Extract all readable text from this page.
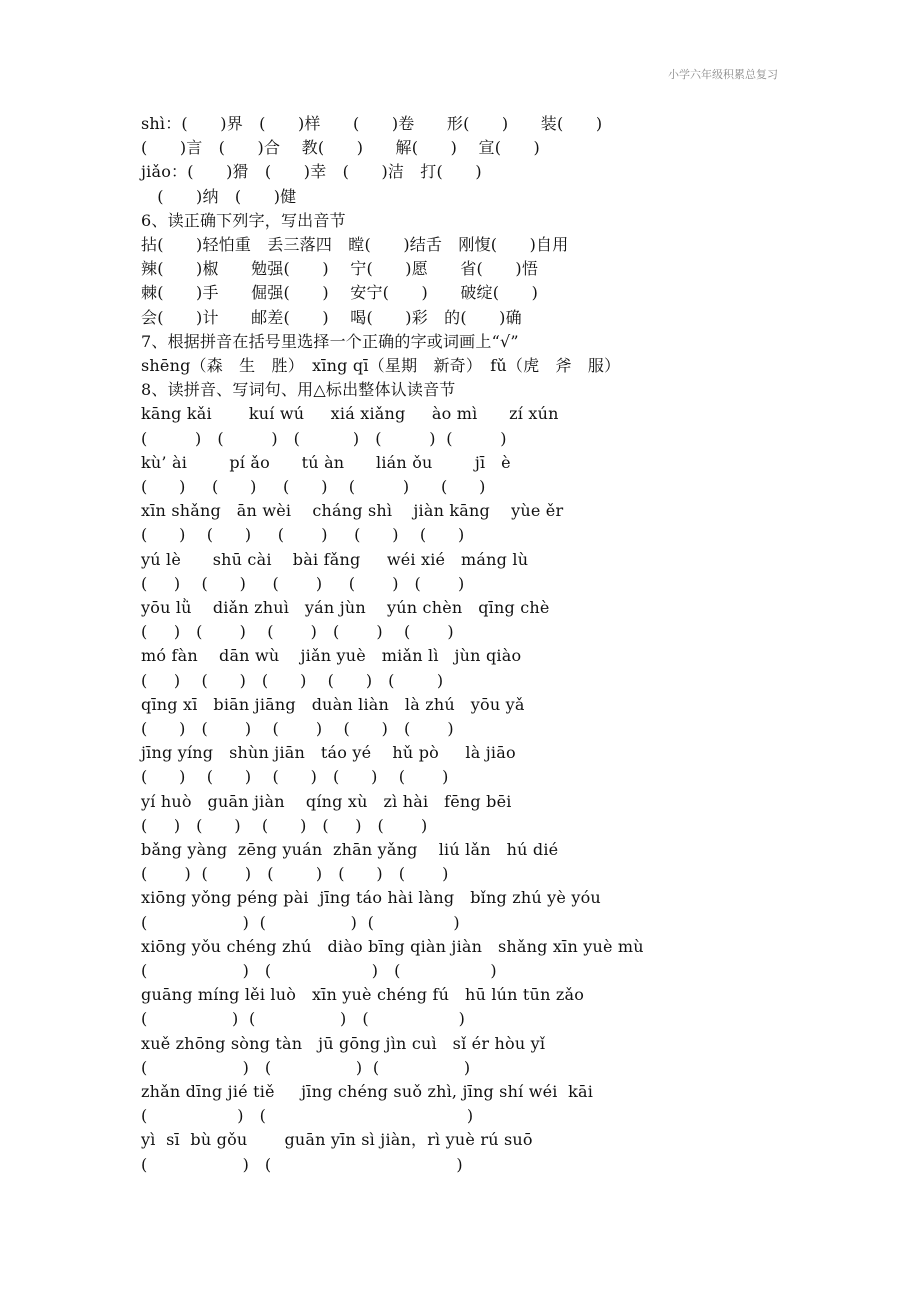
小学六年级积累总复习
shì：(　　)界　(　　)样　　(　　)卷　　形(　　)　　装(　　)
(　　)言　(　　)合　 教(　　)　　解(　　)　 宣(　　)
jiǎo：(　　)猾　(　　)幸　(　　)洁　打(　　)
　(　　)纳　(　　)健
6、读正确下列字，写出音节
拈(　　)轻怕重　丢三落四　瞠(　　)结舌　刚愎(　　)自用
辣(　　)椒　　勉强(　　)　 宁(　　)愿　　省(　　)悟
棘(　　)手　　倔强(　　)　 安宁(　　)　　破绽(　　)
会(　　)计　　邮差(　　)　 喝(　　)彩　的(　　)确
7、根据拼音在括号里选择一个正确的字或词画上“√”
shēng（森　生　胜）　xīng qī（星期　新奇）　fǔ（虎　斧　服）
8、读拼音、写词句、用△标出整体认读音节
kāng kǎi       kuí wú     xiá xiǎng     ào mì      zí xún
(         )   (         )   (          )   (         )  (         )
kù’ ài        pí ǎo      tú àn      lián ǒu        jī   è
(      )     (      )     (      )    (         )      (      )
xīn shǎng   ān wèi    cháng shì    jiàn kāng    yùe ěr
(      )    (      )     (       )     (      )    (      )
yú lè      shū cài    bài fǎng     wéi xié   máng lù
(     )    (      )     (       )     (       )   (       )
yōu lǜ    diǎn zhuì   yán jùn    yún chèn   qīng chè
(     )   (       )    (       )   (       )    (       )
mó fàn    dān wù    jiǎn yuè   miǎn lì   jùn qiào
(     )    (      )   (      )    (      )   (        )
qīng xī   biān jiāng   duàn liàn   là zhú   yōu yǎ
(      )   (       )    (       )    (      )   (       )
jīng yíng   shùn jiān   táo yé    hǔ pò     là jiāo
(      )    (      )    (      )   (      )    (       )
yí huò   guān jiàn    qíng xù   zì hài   fēng bēi
(     )   (      )    (      )   (     )   (       )
bǎng yàng  zēng yuán  zhān yǎng    liú lǎn   hú dié
(       )  (       )   (        )   (      )   (       )
xiōng yǒng péng pài  jīng táo hài làng   bǐng zhú yè yóu
(                  )  (                )  (               )
xiōng yǒu chéng zhú   diào bīng qiàn jiàn   shǎng xīn yuè mù
(                  )   (                   )   (                 )
guāng míng lěi luò   xīn yuè chéng fú   hū lún tūn zǎo
(                )  (                )   (                 )
xuě zhōng sòng tàn   jū gōng jìn cuì   sǐ ér hòu yǐ
(                  )   (                )  (                )
zhǎn dīng jié tiě     jīng chéng suǒ zhì, jīng shí wéi  kāi
(                 )   (                                      )
yì  sī  bù gǒu       guān yīn sì jiàn，rì yuè rú suō
(                  )   (                                   )
